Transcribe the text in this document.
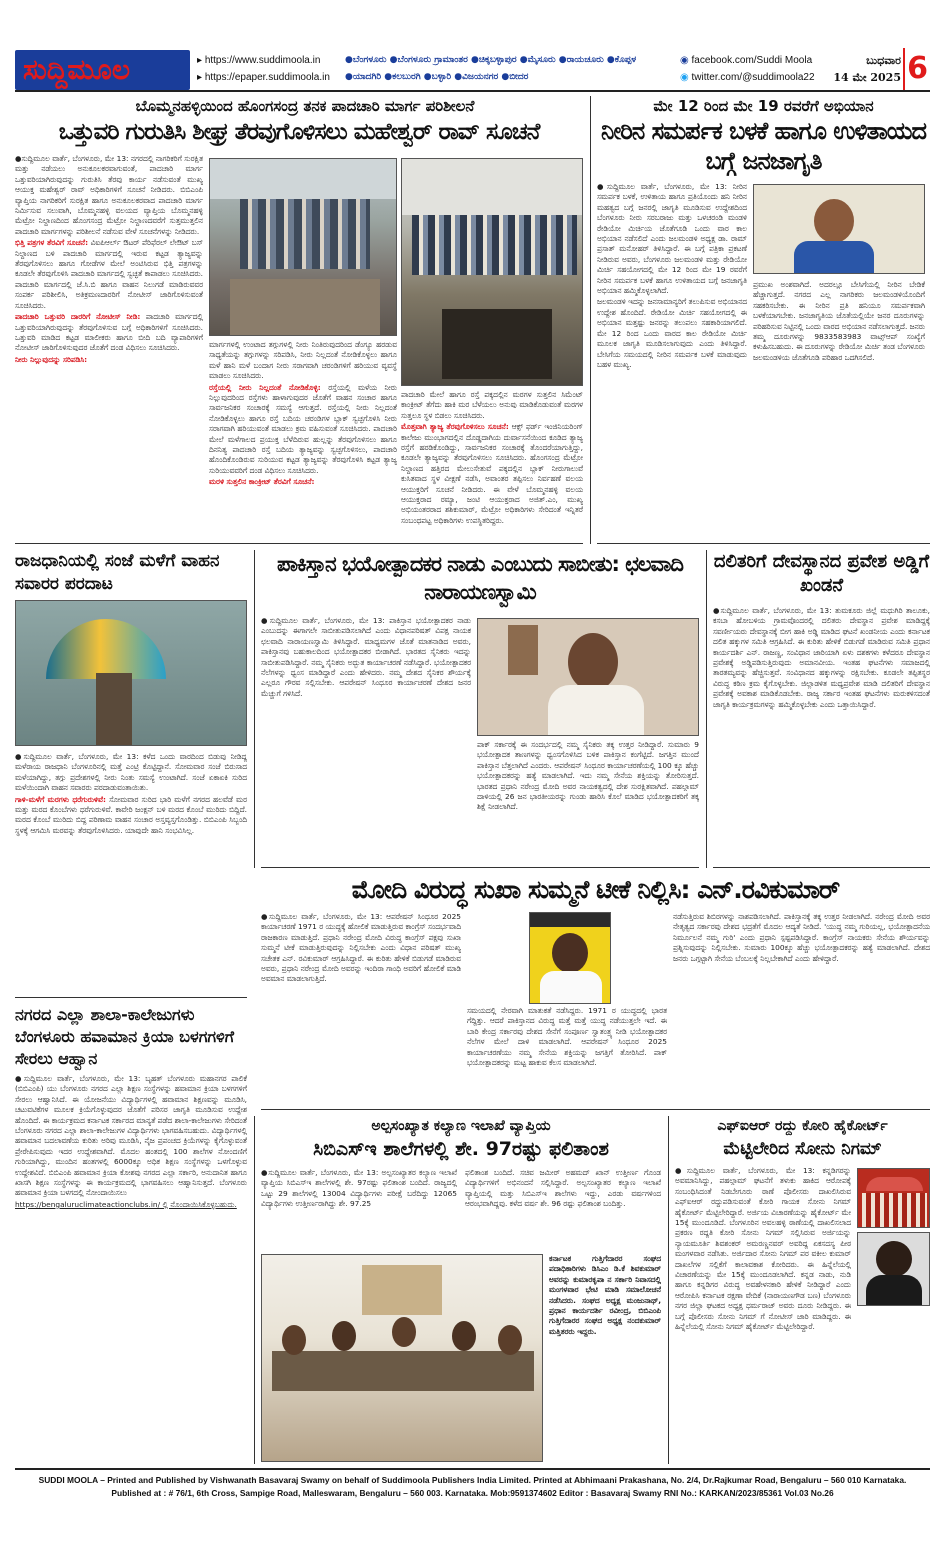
ಸುದ್ದಿಮೂಲ	▸ https://www.suddimoola.in
▸ https://epaper.suddimoola.in
●ಬೆಂಗಳೂರು ●ಬೆಂಗಳೂರು ಗ್ರಾಮಾಂತರ ●ಚಿಕ್ಕಬಳ್ಳಾಪುರ ●ಮೈಸೂರು ●ರಾಯಚೂರು ●ಕೊಪ್ಪಳ ●ಯಾದಗಿರಿ ●ಕಲಬುರಗಿ ●ಬಳ್ಳಾರಿ ●ವಿಜಯನಗರ ●ಬೀದರ
◉ facebook.com/Suddi Moola
◉ twitter.com/@suddimoola22
ಬುಧವಾರ
14 ಮೇ 2025 6
ಬೊಮ್ಮನಹಳ್ಳಿಯಿಂದ ಹೊಂಗಸಂದ್ರ ತನಕ ಪಾದಚಾರಿ ಮಾರ್ಗ ಪರಿಶೀಲನೆ
ಒತ್ತುವರಿ ಗುರುತಿಸಿ ಶೀಘ್ರ ತೆರವುಗೊಳಿಸಲು ಮಹೇಶ್ವರ್ ರಾವ್ ಸೂಚನೆ

●ಸುದ್ದಿಮೂಲ ವಾರ್ತೆ, ಬೆಂಗಳೂರು, ಮೇ 13: ನಗರದಲ್ಲಿ ನಾಗರಿಕರಿಗೆ ಸುರಕ್ಷಿತ ಮತ್ತು ನಡೆಯಲು ಅನುಕೂಲಕರವಾಗುವಂತೆ, ಪಾದಚಾರಿ ಮಾರ್ಗ ಒತ್ತುವರಿಯಾಗಿರುವುದನ್ನು ಗುರುತಿಸಿ ತೆರವು ಕಾರ್ಯ ನಡೆಸುವಂತೆ ಮುಖ್ಯ ಆಯುಕ್ತ ಮಹೇಶ್ವರ್ ರಾವ್ ಅಧಿಕಾರಿಗಳಿಗೆ ಸೂಚನೆ ನೀಡಿದರು. ಬಿಬಿಎಂಪಿ ವ್ಯಾಪ್ತಿಯ ನಾಗರಿಕರಿಗೆ ಸುರಕ್ಷಿತ ಹಾಗೂ ಅನುಕೂಲಕರವಾದ ಪಾದಚಾರಿ ಮಾರ್ಗ ನಿರ್ಮಿಸುವ ಸಲುವಾಗಿ, ಬೊಮ್ಮನಹಳ್ಳಿ ವಲಯದ ವ್ಯಾಪ್ತಿಯ ಬೊಮ್ಮನಹಳ್ಳಿ ಮೆಟ್ರೋ ನಿಲ್ದಾಣದಿಂದ ಹೊಂಗಸಂದ್ರ ಮೆಟ್ರೋ ನಿಲ್ದಾಣದವರೆಗೆ ಸುತ್ತಮುತ್ತಲಿನ ಪಾದಚಾರಿ ಮಾರ್ಗಗಳನ್ನು ಪರಿಶೀಲನೆ ನಡೆಸುವ ವೇಳೆ ಸೂಚನೆಗಳನ್ನು ನೀಡಿದರು.

ಭಿತ್ತಿ ಪತ್ರಗಳ ತೆರವಿಗೆ ಸೂಚನೆ: ವಿಐಪಿಆರ್ಲ್ ಔಟರ್ ಪೆರಿಫೆರಲ್ ಲೇಔಟ್ ಬಸ್ ನಿಲ್ದಾಣದ ಬಳಿ ಪಾದಚಾರಿ ಮಾರ್ಗದಲ್ಲಿ ಇರುವ ಕಟ್ಟಡ ತ್ಯಾಜ್ಯವನ್ನು ತೆರವುಗೊಳಿಸಲು ಹಾಗೂ ಗೋಡೆಗಳ ಮೇಲೆ ಅಂಟಿಸಿರುವ ಭಿತ್ತಿ ಪತ್ರಗಳನ್ನು ಕೂಡಲೇ ತೆರವುಗೊಳಿಸಿ ಪಾದಚಾರಿ ಮಾರ್ಗದಲ್ಲಿ ಸ್ವಚ್ಛತೆ ಕಾಪಾಡಲು ಸೂಚಿಸಿದರು. ಪಾದಚಾರಿ ಮಾರ್ಗದಲ್ಲಿ ಜೆ.ಸಿ.ಬಿ ಹಾಗೂ ವಾಹನ ನಿಲುಗಡೆ ಮಾಡಿರುವವರ ಸಂಪರ್ಕ ಪರಿಶೀಲಿಸಿ, ಅತಿಕ್ರಮಣದಾರರಿಗೆ ನೋಟೀಸ್ ಜಾರಿಗೊಳಿಸುವಂತೆ ಸೂಚಿಸಿದರು.

ಪಾದಚಾರಿ ಒತ್ತುವರಿ ದಾರರಿಗೆ ನೋಟೀಸ್ ನೀಡಿ: ಪಾದಚಾರಿ ಮಾರ್ಗದಲ್ಲಿ ಒತ್ತುವರಿಯಾಗಿರುವುದನ್ನು ತೆರವುಗೊಳಿಸುವ ಬಗ್ಗೆ ಅಧಿಕಾರಿಗಳಿಗೆ ಸೂಚಿಸಿದರು. ಒತ್ತುವರಿ ಮಾಡಿದ ಕಟ್ಟಡ ಮಾಲೀಕರು ಹಾಗೂ ಬೀದಿ ಬದಿ ವ್ಯಾಪಾರಿಗಳಿಗೆ ನೋಟೀಸ್ ಜಾರಿಗೊಳಿಸುವುದರ ಜೊತೆಗೆ ದಂಡ ವಿಧಿಸಲು ಸೂಚಿಸಿದರು.

ನೀರು ನಿಲ್ಲುವುದನ್ನು ಸರಿಪಡಿಸಿ:

ಮಾರ್ಗಗಳಲ್ಲಿ ಉಂಟಾದ ತಗ್ಗುಗಳಲ್ಲಿ ನೀರು ನಿಂತಿರುವುದರಿಂದ ಡೆಂಗ್ಯೂ ಹರಡುವ ಸಾಧ್ಯತೆಯನ್ನು ತಗ್ಗುಗಳನ್ನು ಸರಿಪಡಿಸಿ, ನೀರು ನಿಲ್ಲದಂತೆ ನೋಡಿಕೊಳ್ಳಲು ಹಾಗೂ ಮಳೆ ಹಾನಿ ಮಳೆ ಬಂದಾಗ ನೀರು ಸರಾಗವಾಗಿ ಚರಂಡಿಗಳಿಗೆ ಹರಿಯುವ ವ್ಯವಸ್ಥೆ ಮಾಡಲು ಸೂಚಿಸಿದರು.

ರಸ್ತೆಯಲ್ಲಿ ನೀರು ನಿಲ್ಲದಂತೆ ನೋಡಿಕೊಳ್ಳಿ: ರಸ್ತೆಯಲ್ಲಿ ಮಳೆಯ ನೀರು ನಿಲ್ಲುವುದರಿಂದ ರಸ್ತೆಗಳು ಹಾಳಾಗುವುದರ ಜೊತೆಗೆ ವಾಹನ ಸಂಚಾರ ಹಾಗೂ ಸಾರ್ವಜನಿಕರ ಸಂಚಾರಕ್ಕೆ ಸಮಸ್ಯೆ ಆಗುತ್ತದೆ. ರಸ್ತೆಯಲ್ಲಿ ನೀರು ನಿಲ್ಲದಂತೆ ನೋಡಿಕೊಳ್ಳಲು ಹಾಗೂ ರಸ್ತೆ ಬದಿಯ ಚರಂಡಿಗಳ ಬ್ಲಾಕ್ ಸ್ವಚ್ಛಗೊಳಿಸಿ ನೀರು ಸರಾಗವಾಗಿ ಹರಿಯುವಂತೆ ಮಾಡಲು ಕ್ರಮ ವಹಿಸುವಂತೆ ಸೂಚಿಸಿದರು. ಪಾದಚಾರಿ ಮೇಲೆ ಮಳೆಗಾಲದ ಪ್ರಯುಕ್ತ ಬೆಳೆದಿರುವ ಹುಲ್ಲನ್ನು ತೆರವುಗೊಳಿಸಲು ಹಾಗೂ ದಿನನಿತ್ಯ ಪಾದಚಾರಿ ರಸ್ತೆ ಬದಿಯ ತ್ಯಾಜ್ಯವನ್ನು ಸ್ವಚ್ಛಗೊಳಿಸಲು, ಪಾದಚಾರಿ ಹೊಂದಿಕೊಂಡಿರುವ ಸುರಿಯುವ ಕಟ್ಟಡ ತ್ಯಾಜ್ಯವನ್ನು ತೆರವುಗೊಳಿಸಿ ಕಟ್ಟಡ ತ್ಯಾಜ್ಯ ಸುರಿಯುವವರಿಗೆ ದಂಡ ವಿಧಿಸಲು ಸೂಚಿಸಿದರು.

ಮರಳಿ ಸುತ್ತಲಿನ ಕಾಂಕ್ರೀಟ್ ತೆರವಿಗೆ ಸೂಚನೆ:

ಪಾದಚಾರಿ ಮೇಲೆ ಹಾಗೂ ರಸ್ತೆ ಪಕ್ಕದಲ್ಲಿನ ಮರಗಳ ಸುತ್ತಲಿನ ಸಿಮೆಂಟ್ ಕಾಂಕ್ರೀಟ್ ತೆಗೆದು ಹಾಕಿ ಮರ ಬೆಳೆಯಲು ಅನುವು ಮಾಡಿಕೊಡುವಂತೆ ಮರಗಳ ಸುತ್ತಲೂ ಸ್ಥಳ ಬಿಡಲು ಸೂಚಿಸಿದರು.

ಮೊತ್ತವಾಗಿ ತ್ಯಾಜ್ಯ ತೆರವುಗೊಳಿಸಲು ಸೂಚನೆ: ಆಕ್ಸ್ ಫರ್ಡ್ ಇಂಜಿನಿಯರಿಂಗ್ ಕಾಲೇಜು ಮುಂಭಾಗದಲ್ಲಿನ ದೊಡ್ಡದಾಗಿಯ ದುರ್ವಾಸನೆಯಿಂದ ಕೂಡಿದ ತ್ಯಾಜ್ಯ ರಸ್ತೆಗೆ ಹರಡಿಕೊಂಡಿದ್ದು, ಸಾರ್ವಜನಿಕರ ಸಂಚಾರಕ್ಕೆ ತೊಂದರೆಯಾಗುತ್ತಿದ್ದು, ಕೂಡಲೇ ತ್ಯಾಜ್ಯವನ್ನು ತೆರವುಗೊಳಿಸಲು ಸೂಚಿಸಿದರು. ಹೊಂಗಸಂದ್ರ ಮೆಟ್ರೋ ನಿಲ್ದಾಣದ ಹತ್ತಿರದ ಮೇಲುಸೇತುವೆ ಪಕ್ಕದಲ್ಲಿನ ಬ್ಲಾಕ್ ನೀರುಗಾಲುವೆ ಕುಸಿತವಾದ ಸ್ಥಳ ವೀಕ್ಷಣೆ ನಡೆಸಿ, ಅವಾಂತರ ತಪ್ಪಿಸಲು ನಿರ್ವಹಣೆ ವಲಯ ಆಯುಕ್ತರಿಗೆ ಸೂಚನೆ ನೀಡಿದರು. ಈ ವೇಳೆ ಬೊಮ್ಮನಹಳ್ಳಿ ವಲಯ ಆಯುಕ್ತರಾದ ರಮ್ಯಾ, ಜಂಟಿ ಆಯುಕ್ತರಾದ ಅಜಿತ್.ಎಂ, ಮುಖ್ಯ ಅಭಿಯಂತರರಾದ ಶಶಿಕುಮಾರ್, ಮೆಟ್ರೋ ಅಧಿಕಾರಿಗಳು ಸೇರಿದಂತೆ ಇನ್ನಿತರೆ ಸಂಬಂಧಪಟ್ಟ ಅಧಿಕಾರಿಗಳು ಉಪಸ್ಥಿತರಿದ್ದರು.

ಮೇ 12 ರಿಂದ ಮೇ 19 ರವರೆಗೆ ಅಭಿಯಾನ
ನೀರಿನ ಸಮರ್ಪಕ ಬಳಕೆ ಹಾಗೂ ಉಳಿತಾಯದ ಬಗ್ಗೆ ಜನಜಾಗೃತಿ

●ಸುದ್ದಿಮೂಲ ವಾರ್ತೆ, ಬೆಂಗಳೂರು, ಮೇ 13: ನೀರಿನ ಸಮರ್ಪಕ ಬಳಕೆ, ಉಳಿತಾಯ ಹಾಗೂ ಪ್ರತಿಯೊಂದು ಹನಿ ನೀರಿನ ಮಹತ್ವದ ಬಗ್ಗೆ ಜನರಲ್ಲಿ ಜಾಗೃತಿ ಮೂಡಿಸುವ ಉದ್ದೇಶದಿಂದ ಬೆಂಗಳೂರು ನೀರು ಸರಬರಾಜು ಮತ್ತು ಒಳಚರಂಡಿ ಮಂಡಳಿ ರೇಡಿಯೋ ಮಿರ್ಚಿಯ ಜೊತೆಗೂಡಿ ಒಂದು ವಾರ ಕಾಲ ಅಭಿಯಾನ ನಡೆಸಲಿದೆ ಎಂದು ಜಲಮಂಡಳಿ ಅಧ್ಯಕ್ಷ ಡಾ. ರಾಮ್ ಪ್ರಸಾತ್ ಮನೋಹರ್ ತಿಳಿಸಿದ್ದಾರೆ. ಈ ಬಗ್ಗೆ ಪತ್ರಿಕಾ ಪ್ರಕಟಣೆ ನೀಡಿರುವ ಅವರು, ಬೆಂಗಳೂರು ಜಲಮಂಡಳಿ ಮತ್ತು ರೇಡಿಯೋ ಮಿರ್ಚಿ ಸಹಯೋಗದಲ್ಲಿ ಮೇ 12 ರಿಂದ ಮೇ 19 ರವರೆಗೆ ನೀರಿನ ಸಮರ್ಪಕ ಬಳಕೆ ಹಾಗೂ ಉಳಿತಾಯದ ಬಗ್ಗೆ ಜನಜಾಗೃತಿ ಅಭಿಯಾನ ಹಮ್ಮಿಕೊಳ್ಳಲಾಗಿದೆ.

ಜಲಮಂಡಳಿ ಇದನ್ನು ಜನಸಾಮಾನ್ಯರಿಗೆ ತಲುಪಿಸುವ ಅಭಿಯಾನದ ಉದ್ದೇಶ ಹೊಂದಿದೆ. ರೇಡಿಯೋ ಮಿರ್ಚಿ ಸಹಯೋಗದಲ್ಲಿ ಈ ಅಭಿಯಾನ ಮತ್ತಷ್ಟು ಜನರನ್ನು ತಲುಪಲು ಸಹಕಾರಿಯಾಗಲಿದೆ. ಮೇ 12 ರಿಂದ ಒಂದು ವಾರದ ಕಾಲ ರೇಡಿಯೋ ಮಿರ್ಚಿ ಮೂಲಕ ಜಾಗೃತಿ ಮೂಡಿಸಲಾಗುವುದು ಎಂದು ತಿಳಿಸಿದ್ದಾರೆ. ಬೇಸಿಗೆಯ ಸಮಯದಲ್ಲಿ ನೀರಿನ ಸಮರ್ಪಕ ಬಳಕೆ ಮಾಡುವುದು ಬಹಳ ಮುಖ್ಯ.

ಪ್ರಮುಖ ಅಂಶವಾಗಿದೆ. ಅದರಲ್ಲೂ ಬೇಸಿಗೆಯಲ್ಲಿ ನೀರಿನ ಬೇಡಿಕೆ ಹೆಚ್ಚಾಗುತ್ತದೆ. ನಗರದ ಎಲ್ಲ ನಾಗರಿಕರು ಜಲಮಂಡಳಿಯೊಂದಿಗೆ ಸಹಕರಿಸಬೇಕು. ಈ ನೀರಿನ ಪ್ರತಿ ಹನಿಯೂ ಸಮರ್ಪಕವಾಗಿ ಬಳಕೆಯಾಗಬೇಕು. ಜನಜಾಗೃತಿಯ ಜೊತೆಯಲ್ಲಿಯೇ ಜನರ ದೂರುಗಳನ್ನು ಪರಿಹರಿಸುವ ನಿಟ್ಟಿನಲ್ಲಿ ಒಂದು ವಾರದ ಅಭಿಯಾನ ನಡೆಸಲಾಗುತ್ತದೆ. ಜನರು ತಮ್ಮ ದೂರುಗಳನ್ನು 9833583983 ವಾಟ್ಸ್ಆಪ್ ಸಂಖ್ಯೆಗೆ ಕಳುಹಿಸಬಹುದು. ಈ ದೂರುಗಳನ್ನು ರೇಡಿಯೋ ಮಿರ್ಚಿ ತಂಡ ಬೆಂಗಳೂರು ಜಲಮಂಡಳಿಯ ಜೊತೆಗೂಡಿ ಪರಿಹಾರ ಒದಗಿಸಲಿದೆ.

ರಾಜಧಾನಿಯಲ್ಲಿ ಸಂಜೆ ಮಳೆಗೆ ವಾಹನ ಸವಾರರ ಪರದಾಟ

●ಸುದ್ದಿಮೂಲ ವಾರ್ತೆ, ಬೆಂಗಳೂರು, ಮೇ 13: ಕಳೆದ ಒಂದು ವಾರದಿಂದ ಬಿಡುವು ನೀಡಿದ್ದ ಮಳೆರಾಯ ರಾಜಧಾನಿ ಬೆಂಗಳೂರಿನಲ್ಲಿ ಮತ್ತೆ ಎಂಟ್ರಿ ಕೊಟ್ಟಿದ್ದಾನೆ. ಸೋಮವಾರ ಸಂಜೆ ಬಿರುಸಾದ ಮಳೆಯಾಗಿದ್ದು, ತಗ್ಗು ಪ್ರದೇಶಗಳಲ್ಲಿ ನೀರು ನಿಂತು ಸಮಸ್ಯೆ ಉಂಟಾಗಿದೆ. ಸಂಜೆ ಏಕಾಏಕಿ ಸುರಿದ ಮಳೆಯಿಂದಾಗಿ ವಾಹನ ಸವಾರರು ಪರದಾಡುವಂತಾಯಿತು.

ಗಾಳಿ-ಮಳೆಗೆ ಮರಗಳು ಧರೆಗುರುಳಿವೆ: ಸೋಮವಾರ ಸುರಿದ ಭಾರಿ ಮಳೆಗೆ ನಗರದ ಹಲವೆಡೆ ಮರ ಮತ್ತು ಮರದ ಕೊಂಬೆಗಳು ಧರೆಗುರುಳಿವೆ. ಕಾವೇರಿ ಜಂಕ್ಷನ್ ಬಳಿ ಮರದ ಕೊಂಬೆ ಮುರಿದು ಬಿದ್ದಿದೆ. ಮರದ ಕೊಂಬೆ ಮುರಿದು ಬಿದ್ದ ಪರಿಣಾಮ ವಾಹನ ಸಂಚಾರ ಅಸ್ತವ್ಯಸ್ತಗೊಂಡಿತ್ತು. ಬಿಬಿಎಂಪಿ ಸಿಬ್ಬಂದಿ ಸ್ಥಳಕ್ಕೆ ಆಗಮಿಸಿ ಮರವನ್ನು ತೆರವುಗೊಳಿಸಿದರು. ಯಾವುದೇ ಹಾನಿ ಸಂಭವಿಸಿಲ್ಲ.

ಪಾಕಿಸ್ತಾನ ಭಯೋತ್ಪಾದಕರ ನಾಡು ಎಂಬುದು ಸಾಬೀತು: ಛಲವಾದಿ ನಾರಾಯಣಸ್ವಾಮಿ

●ಸುದ್ದಿಮೂಲ ವಾರ್ತೆ, ಬೆಂಗಳೂರು, ಮೇ 13: ಪಾಕಿಸ್ತಾನ ಭಯೋತ್ಪಾದಕರ ನಾಡು ಎಂಬುದನ್ನು ಈಗಾಗಲೇ ಸಾಬೀತುಪಡಿಸಲಾಗಿದೆ ಎಂದು ವಿಧಾನಪರಿಷತ್ ವಿಪಕ್ಷ ನಾಯಕ ಛಲವಾದಿ ನಾರಾಯಣಸ್ವಾಮಿ ತಿಳಿಸಿದ್ದಾರೆ. ಮಾಧ್ಯಮಗಳ ಜೊತೆ ಮಾತನಾಡಿದ ಅವರು, ಪಾಕಿಸ್ತಾನವು ಬಹುಕಾಲದಿಂದ ಭಯೋತ್ಪಾದಕರ ಬೀಡಾಗಿದೆ. ಭಾರತದ ಸೈನಿಕರು ಇದನ್ನು ಸಾಬೀತುಪಡಿಸಿದ್ದಾರೆ. ನಮ್ಮ ಸೈನಿಕರು ಅದ್ಭುತ ಕಾರ್ಯಾಚರಣೆ ನಡೆಸಿದ್ದಾರೆ. ಭಯೋತ್ಪಾದಕರ ನೆಲೆಗಳನ್ನು ಧ್ವಂಸ ಮಾಡಿದ್ದಾರೆ ಎಂದು ಹೇಳಿದರು. ನಮ್ಮ ದೇಶದ ಸೈನಿಕರ ಶೌರ್ಯಕ್ಕೆ ಎಲ್ಲರೂ ಗೌರವ ಸಲ್ಲಿಸಬೇಕು. ಆಪರೇಷನ್ ಸಿಂಧೂರ ಕಾರ್ಯಾಚರಣೆ ದೇಶದ ಜನರ ಮೆಚ್ಚುಗೆ ಗಳಿಸಿದೆ.

ಪಾಕ್ ಸರ್ಕಾರಕ್ಕೆ ಈ ಸಂದರ್ಭದಲ್ಲಿ ನಮ್ಮ ಸೈನಿಕರು ತಕ್ಕ ಉತ್ತರ ನೀಡಿದ್ದಾರೆ. ಸುಮಾರು 9 ಭಯೋತ್ಪಾದಕ ತಾಣಗಳನ್ನು ಧ್ವಂಸಗೊಳಿಸಿದ ಬಳಿಕ ಪಾಕಿಸ್ತಾನ ಕಂಗೆಟ್ಟಿದೆ. ಜಗತ್ತಿನ ಮುಂದೆ ಪಾಕಿಸ್ತಾನ ಬೆತ್ತಲಾಗಿದೆ ಎಂದರು. ಆಪರೇಷನ್ ಸಿಂಧೂರ ಕಾರ್ಯಾಚರಣೆಯಲ್ಲಿ 100 ಕ್ಕೂ ಹೆಚ್ಚು ಭಯೋತ್ಪಾದಕರನ್ನು ಹತ್ಯೆ ಮಾಡಲಾಗಿದೆ. ಇದು ನಮ್ಮ ಸೇನೆಯ ಶಕ್ತಿಯನ್ನು ತೋರಿಸುತ್ತದೆ. ಭಾರತದ ಪ್ರಧಾನಿ ನರೇಂದ್ರ ಮೋದಿ ಅವರ ನಾಯಕತ್ವದಲ್ಲಿ ದೇಶ ಸುರಕ್ಷಿತವಾಗಿದೆ. ಪಹಲ್ಗಾಮ್ ದಾಳಿಯಲ್ಲಿ 26 ಜನ ಭಾರತೀಯರನ್ನು ಗುಂಡು ಹಾರಿಸಿ ಕೊಲೆ ಮಾಡಿದ ಭಯೋತ್ಪಾದಕರಿಗೆ ತಕ್ಕ ಶಿಕ್ಷೆ ನೀಡಲಾಗಿದೆ.

ದಲಿತರಿಗೆ ದೇವಸ್ಥಾನದ ಪ್ರವೇಶ ಅಡ್ಡಿಗೆ ಖಂಡನೆ

●ಸುದ್ದಿಮೂಲ ವಾರ್ತೆ, ಬೆಂಗಳೂರು, ಮೇ 13: ತುಮಕೂರು ಜಿಲ್ಲೆ ಮಧುಗಿರಿ ತಾಲೂಕು, ಕಸಬಾ ಹೋಬಳಿಯ ಗ್ರಾಮವೊಂದರಲ್ಲಿ ದಲಿತರು ದೇವಸ್ಥಾನ ಪ್ರವೇಶ ಮಾಡಿದ್ದಕ್ಕೆ ಸವರ್ಣೀಯರು ದೇವಸ್ಥಾನಕ್ಕೆ ಬೀಗ ಹಾಕಿ ಅಡ್ಡಿ ಮಾಡಿದ ಘಟನೆ ಖಂಡನೀಯ ಎಂದು ಕರ್ನಾಟಕ ದಲಿತ ಹಕ್ಕುಗಳ ಸಮಿತಿ ಆಗ್ರಹಿಸಿದೆ. ಈ ಕುರಿತು ಹೇಳಿಕೆ ಬಿಡುಗಡೆ ಮಾಡಿರುವ ಸಮಿತಿ ಪ್ರಧಾನ ಕಾರ್ಯದರ್ಶಿ ಎನ್. ರಾಜಣ್ಣ, ಸಂವಿಧಾನ ಜಾರಿಯಾಗಿ ಏಳು ದಶಕಗಳು ಕಳೆದರೂ ದೇವಸ್ಥಾನ ಪ್ರವೇಶಕ್ಕೆ ಅಡ್ಡಿಪಡಿಸುತ್ತಿರುವುದು ಅಮಾನವೀಯ. ಇಂತಹ ಘಟನೆಗಳು ಸಮಾಜದಲ್ಲಿ ತಾರತಮ್ಯವನ್ನು ಹೆಚ್ಚಿಸುತ್ತವೆ. ಸಂವಿಧಾನದ ಹಕ್ಕುಗಳನ್ನು ರಕ್ಷಿಸಬೇಕು. ಕೂಡಲೇ ತಪ್ಪಿತಸ್ಥರ ವಿರುದ್ಧ ಕಠಿಣ ಕ್ರಮ ಕೈಗೊಳ್ಳಬೇಕು. ಜಿಲ್ಲಾಡಳಿತ ಮಧ್ಯಪ್ರವೇಶ ಮಾಡಿ ದಲಿತರಿಗೆ ದೇವಸ್ಥಾನ ಪ್ರವೇಶಕ್ಕೆ ಅವಕಾಶ ಮಾಡಿಕೊಡಬೇಕು. ರಾಜ್ಯ ಸರ್ಕಾರ ಇಂತಹ ಘಟನೆಗಳು ಮರುಕಳಿಸದಂತೆ ಜಾಗೃತಿ ಕಾರ್ಯಕ್ರಮಗಳನ್ನು ಹಮ್ಮಿಕೊಳ್ಳಬೇಕು ಎಂದು ಒತ್ತಾಯಿಸಿದ್ದಾರೆ.

ಮೋದಿ ವಿರುದ್ಧ ಸುಖಾ ಸುಮ್ಮನೆ ಟೀಕೆ ನಿಲ್ಲಿಸಿ: ಎನ್.ರವಿಕುಮಾರ್

●ಸುದ್ದಿಮೂಲ ವಾರ್ತೆ, ಬೆಂಗಳೂರು, ಮೇ 13: ಆಪರೇಷನ್ ಸಿಂಧೂರ 2025 ಕಾರ್ಯಾಚರಣೆ 1971 ರ ಯುದ್ಧಕ್ಕೆ ಹೋಲಿಕೆ ಮಾಡುತ್ತಿರುವ ಕಾಂಗ್ರೆಸ್ ಸಂದರ್ಭವಾದಿ ರಾಜಕಾರಣ ಮಾಡುತ್ತಿದೆ. ಪ್ರಧಾನಿ ನರೇಂದ್ರ ಮೋದಿ ವಿರುದ್ಧ ಕಾಂಗ್ರೆಸ್ ಪಕ್ಷವು ಸುಖಾ ಸುಮ್ಮನೆ ಟೀಕೆ ಮಾಡುತ್ತಿರುವುದನ್ನು ನಿಲ್ಲಿಸಬೇಕು ಎಂದು ವಿಧಾನ ಪರಿಷತ್ ಮುಖ್ಯ ಸಚೇತಕ ಎನ್. ರವಿಕುಮಾರ್ ಆಗ್ರಹಿಸಿದ್ದಾರೆ. ಈ ಕುರಿತು ಹೇಳಿಕೆ ಬಿಡುಗಡೆ ಮಾಡಿರುವ ಅವರು, ಪ್ರಧಾನಿ ನರೇಂದ್ರ ಮೋದಿ ಅವರನ್ನು ಇಂದಿರಾ ಗಾಂಧಿ ಅವರಿಗೆ ಹೋಲಿಕೆ ಮಾಡಿ ಅವಮಾನ ಮಾಡಲಾಗುತ್ತಿದೆ.

ಸಮಯದಲ್ಲಿ ನೇರವಾಗಿ ಮಾತುಕತೆ ನಡೆಸಿದ್ದರು. 1971 ರ ಯುದ್ಧದಲ್ಲಿ ಭಾರತ ಗೆದ್ದಿತ್ತು. ಆದರೆ ಪಾಕಿಸ್ತಾನದ ವಿರುದ್ಧ ಮತ್ತೆ ಮತ್ತೆ ಯುದ್ಧ ನಡೆಯುತ್ತಲೇ ಇದೆ. ಈ ಬಾರಿ ಕೇಂದ್ರ ಸರ್ಕಾರವು ದೇಶದ ಸೇನೆಗೆ ಸಂಪೂರ್ಣ ಸ್ವಾತಂತ್ರ್ಯ ನೀಡಿ ಭಯೋತ್ಪಾದಕರ ನೆಲೆಗಳ ಮೇಲೆ ದಾಳಿ ಮಾಡಲಾಗಿದೆ. ಆಪರೇಷನ್ ಸಿಂಧೂರ 2025 ಕಾರ್ಯಾಚರಣೆಯು ನಮ್ಮ ಸೇನೆಯ ಶಕ್ತಿಯನ್ನು ಜಗತ್ತಿಗೆ ತೋರಿಸಿದೆ. ಪಾಕ್ ಭಯೋತ್ಪಾದಕರನ್ನು ಮಟ್ಟ ಹಾಕುವ ಕೆಲಸ ಮಾಡಲಾಗಿದೆ.

ನಡೆಸುತ್ತಿರುವ ಶಿಬಿರಗಳನ್ನು ನಾಶಪಡಿಸಲಾಗಿದೆ. ಪಾಕಿಸ್ತಾನಕ್ಕೆ ತಕ್ಕ ಉತ್ತರ ನೀಡಲಾಗಿದೆ. ನರೇಂದ್ರ ಮೋದಿ ಅವರ ನೇತೃತ್ವದ ಸರ್ಕಾರವು ದೇಶದ ಭದ್ರತೆಗೆ ಮೊದಲ ಆದ್ಯತೆ ನೀಡಿದೆ. 'ಯುದ್ಧ ನಮ್ಮ ಗುರಿಯಲ್ಲ, ಭಯೋತ್ಪಾದನೆಯ ನಿರ್ಮೂಲನೆ ನಮ್ಮ ಗುರಿ' ಎಂದು ಪ್ರಧಾನಿ ಸ್ಪಷ್ಟಪಡಿಸಿದ್ದಾರೆ. ಕಾಂಗ್ರೆಸ್ ನಾಯಕರು ಸೇನೆಯ ಶೌರ್ಯವನ್ನು ಪ್ರಶ್ನಿಸುವುದನ್ನು ನಿಲ್ಲಿಸಬೇಕು. ಸುಮಾರು 100ಕ್ಕೂ ಹೆಚ್ಚು ಭಯೋತ್ಪಾದಕರನ್ನು ಹತ್ಯೆ ಮಾಡಲಾಗಿದೆ. ದೇಶದ ಜನರು ಒಗ್ಗಟ್ಟಾಗಿ ಸೇನೆಯ ಬೆಂಬಲಕ್ಕೆ ನಿಲ್ಲಬೇಕಾಗಿದೆ ಎಂದು ಹೇಳಿದ್ದಾರೆ.

ನಗರದ ಎಲ್ಲಾ ಶಾಲಾ-ಕಾಲೇಜುಗಳು ಬೆಂಗಳೂರು ಹವಾಮಾನ ಕ್ರಿಯಾ ಬಳಗಗಳಿಗೆ ಸೇರಲು ಆಹ್ವಾನ

●ಸುದ್ದಿಮೂಲ ವಾರ್ತೆ, ಬೆಂಗಳೂರು, ಮೇ 13: ಬೃಹತ್ ಬೆಂಗಳೂರು ಮಹಾನಗರ ಪಾಲಿಕೆ (ಬಿಬಿಎಂಪಿ) ಯು ಬೆಂಗಳೂರು ನಗರದ ಎಲ್ಲಾ ಶಿಕ್ಷಣ ಸಂಸ್ಥೆಗಳನ್ನು ಹವಾಮಾನ ಕ್ರಿಯಾ ಬಳಗಗಳಿಗೆ ಸೇರಲು ಆಹ್ವಾನಿಸಿದೆ. ಈ ಯೋಜನೆಯು ವಿದ್ಯಾರ್ಥಿಗಳಲ್ಲಿ ಹವಾಮಾನ ಶಿಕ್ಷಣವನ್ನು ಮೂಡಿಸಿ, ಚಟುವಟಿಕೆಗಳ ಮೂಲಕ ಕ್ರಿಯೆಗೊಳ್ಳುವುದರ ಜೊತೆಗೆ ಪರಿಸರ ಜಾಗೃತಿ ಮೂಡಿಸುವ ಉದ್ದೇಶ ಹೊಂದಿದೆ. ಈ ಕಾರ್ಯಕ್ರಮದ ಕರ್ನಾಟಕ ಸರ್ಕಾರದ ಮಾನ್ಯತೆ ಪಡೆದ ಶಾಲಾ-ಕಾಲೇಜುಗಳು ಸೇರಿದಂತೆ ಬೆಂಗಳೂರು ನಗರದ ಎಲ್ಲಾ ಶಾಲಾ-ಕಾಲೇಜುಗಳ ವಿದ್ಯಾರ್ಥಿಗಳು ಭಾಗವಹಿಸಬಹುದು. ವಿದ್ಯಾರ್ಥಿಗಳಲ್ಲಿ ಹವಾಮಾನ ಬದಲಾವಣೆಯ ಕುರಿತು ಅರಿವು ಮೂಡಿಸಿ, ನೈಜ ಪ್ರಪಂಚದ ಕ್ರಿಯೆಗಳನ್ನು ಕೈಗೊಳ್ಳುವಂತೆ ಪ್ರೇರೇಪಿಸುವುದು ಇದರ ಉದ್ದೇಶವಾಗಿದೆ. ಮೊದಲ ಹಂತದಲ್ಲಿ 100 ಶಾಲೆಗಳ ನೋಂದಣಿಗೆ ಗುರಿಯಾಗಿದ್ದು, ಮುಂದಿನ ಹಂತಗಳಲ್ಲಿ 6000ಕ್ಕೂ ಅಧಿಕ ಶಿಕ್ಷಣ ಸಂಸ್ಥೆಗಳನ್ನು ಒಳಗೊಳ್ಳುವ ಉದ್ದೇಶವಿದೆ. ಬಿಬಿಎಂಪಿ ಹವಾಮಾನ ಕ್ರಿಯಾ ಕೋಶವು ನಗರದ ಎಲ್ಲಾ ಸರ್ಕಾರಿ, ಅನುದಾನಿತ ಹಾಗೂ ಖಾಸಗಿ ಶಿಕ್ಷಣ ಸಂಸ್ಥೆಗಳನ್ನು ಈ ಕಾರ್ಯಕ್ರಮದಲ್ಲಿ ಭಾಗವಹಿಸಲು ಆಹ್ವಾನಿಸುತ್ತದೆ. ಬೆಂಗಳೂರು ಹವಾಮಾನ ಕ್ರಿಯಾ ಬಳಗದಲ್ಲಿ ನೋಂದಾಯಿಸಲು

https://bengaluruclimateactionclubs.in/ ಲ್ಲಿ ನೊಂದಾಯಿಸಿಕೊಳ್ಳಬಹುದು.

ಅಲ್ಪಸಂಖ್ಯಾತ ಕಲ್ಯಾಣ ಇಲಾಖೆ ವ್ಯಾಪ್ತಿಯ
ಸಿಬಿಎಸ್ಇ ಶಾಲೆಗಳಲ್ಲಿ ಶೇ. 97ರಷ್ಟು ಫಲಿತಾಂಶ

●ಸುದ್ದಿಮೂಲ ವಾರ್ತೆ, ಬೆಂಗಳೂರು, ಮೇ 13: ಅಲ್ಪಸಂಖ್ಯಾತರ ಕಲ್ಯಾಣ ಇಲಾಖೆ ವ್ಯಾಪ್ತಿಯ ಸಿಬಿಎಸ್ಇ ಶಾಲೆಗಳಲ್ಲಿ ಶೇ. 97ರಷ್ಟು ಫಲಿತಾಂಶ ಬಂದಿದೆ. ರಾಜ್ಯದಲ್ಲಿ ಒಟ್ಟು 29 ಶಾಲೆಗಳಲ್ಲಿ 13004 ವಿದ್ಯಾರ್ಥಿಗಳು ಪರೀಕ್ಷೆ ಬರೆದಿದ್ದು 12065 ವಿದ್ಯಾರ್ಥಿಗಳು ಉತ್ತೀರ್ಣರಾಗಿದ್ದು ಶೇ. 97.25

ಫಲಿತಾಂಶ ಬಂದಿದೆ. ಸಚಿವ ಜಮೀರ್ ಅಹಮದ್ ಖಾನ್ ಉತ್ತೀರ್ಣ ಗೊಂಡ ವಿದ್ಯಾರ್ಥಿಗಳಿಗೆ ಅಭಿನಂದನೆ ಸಲ್ಲಿಸಿದ್ದಾರೆ. ಅಲ್ಪಸಂಖ್ಯಾತರ ಕಲ್ಯಾಣ ಇಲಾಖೆ ವ್ಯಾಪ್ತಿಯಲ್ಲಿ ಮತ್ತು ಸಿಬಿಎಸ್ಇ ಶಾಲೆಗಳು ಇದ್ದು, ಎರಡು ವರ್ಷಗಳಿಂದ ಆರಂಭವಾಗಿದ್ದವು. ಕಳೆದ ವರ್ಷ ಶೇ. 96 ರಷ್ಟು ಫಲಿತಾಂಶ ಬಂದಿತ್ತು.

ಕರ್ನಾಟಕ ಗುತ್ತಿಗೆದಾರರ ಸಂಘದ ಪದಾಧಿಕಾರಿಗಳು ಡಿಸಿಎಂ ಡಿ.ಕೆ ಶಿವಕುಮಾರ್ ಅವರನ್ನು ಕುಮಾರಕೃಪಾ ನ ಸರ್ಕಾರಿ ನಿವಾಸದಲ್ಲಿ ಮಂಗಳವಾರ ಭೇಟಿ ಮಾಡಿ ಸಮಾಲೋಚನೆ ನಡೆಸಿದರು. ಸಂಘದ ಅಧ್ಯಕ್ಷ ಮಂಜುನಾಥ್, ಪ್ರಧಾನ ಕಾರ್ಯದರ್ಶಿ ರವೀಂದ್ರ, ಬಿಬಿಎಂಪಿ ಗುತ್ತಿಗೆದಾರರ ಸಂಘದ ಅಧ್ಯಕ್ಷ ನಂದಕುಮಾರ್ ಮತ್ತಿತರರು ಇದ್ದರು.
ಎಫ್ಐಆರ್ ರದ್ದು ಕೋರಿ ಹೈಕೋರ್ಟ್
ಮೆಟ್ಟಿಲೇರಿದ ಸೋನು ನಿಗಮ್

●ಸುದ್ದಿಮೂಲ ವಾರ್ತೆ, ಬೆಂಗಳೂರು, ಮೇ 13: ಕನ್ನಡಿಗರನ್ನು ಅವಮಾನಿಸಿದ್ದು, ಪಹಲ್ಗಾಮ್ ಘಟನೆಗೆ ತಳುಕು ಹಾಕಿದ ಆರೋಪಕ್ಕೆ ಸಂಬಂಧಿಸಿದಂತೆ ನಿಡಬೇಗೂರು ಠಾಣೆ ಪೊಲೀಸರು ದಾಖಲಿಸಿರುವ ಎಫ್ಐಆರ್ ರದ್ದುಪಡಿಸುವಂತೆ ಕೋರಿ ಗಾಯಕ ಸೋನು ನಿಗಮ್ ಹೈಕೋರ್ಟ್ ಮೆಟ್ಟಿಲೇರಿದ್ದಾರೆ. ಅರ್ಜಿಯ ವಿಚಾರಣೆಯನ್ನು ಹೈಕೋರ್ಟ್ ಮೇ 15ಕ್ಕೆ ಮುಂದೂಡಿದೆ. ಬೆಂಗಳೂರಿನ ಅವಲಹಳ್ಳಿ ಠಾಣೆಯಲ್ಲಿ ದಾಖಲಿಸಲಾದ ಪ್ರಕರಣ ರದ್ದತಿ ಕೋರಿ ಸೋನು ನಿಗಮ್ ಸಲ್ಲಿಸಿರುವ ಅರ್ಜಿಯನ್ನು ನ್ಯಾಯಮೂರ್ತಿ ಶಿವಶಂಕರ್ ಅಮರಣ್ಣನವರ್ ಅವರಿದ್ದ ಏಕಸದಸ್ಯ ಪೀಠ ಮಂಗಳವಾರ ನಡೆಸಿತು. ಅರ್ಜಿದಾರ ಸೋನು ನಿಗಮ್ ಪರ ವಕೀಲ ಕುಮಾರ್ ದಾಖಲೆಗಳ ಸಲ್ಲಿಕೆಗೆ ಕಾಲಾವಕಾಶ ಕೋರಿದರು. ಈ ಹಿನ್ನೆಲೆಯಲ್ಲಿ ವಿಚಾರಣೆಯನ್ನು ಮೇ 15ಕ್ಕೆ ಮುಂದೂಡಲಾಗಿದೆ. ಕನ್ನಡ ನಾಡು, ನುಡಿ ಹಾಗೂ ಕನ್ನಡಿಗರ ವಿರುದ್ಧ ಅವಹೇಳನಕಾರಿ ಹೇಳಿಕೆ ನೀಡಿದ್ದಾರೆ ಎಂದು ಆರೋಪಿಸಿ ಕರ್ನಾಟಕ ರಕ್ಷಣಾ ವೇದಿಕೆ (ನಾರಾಯಣಗೌಡ ಬಣ) ಬೆಂಗಳೂರು ನಗರ ಜಿಲ್ಲಾ ಘಟಕದ ಅಧ್ಯಕ್ಷ ಧರ್ಮರಾಜ್ ಅವರು ದೂರು ನೀಡಿದ್ದರು. ಈ ಬಗ್ಗೆ ಪೊಲೀಸರು ಸೋನು ನಿಗಮ್ ಗೆ ನೋಟೀಸ್ ಜಾರಿ ಮಾಡಿದ್ದರು. ಈ ಹಿನ್ನೆಲೆಯಲ್ಲಿ ಸೋನು ನಿಗಮ್ ಹೈಕೋರ್ಟ್ ಮೆಟ್ಟಿಲೇರಿದ್ದಾರೆ.

SUDDI MOOLA – Printed and Published by Vishwanath Basavaraj Swamy on behalf of Suddimoola Publishers India Limited. Printed at Abhimaani Prakashana, No. 2/4, Dr.Rajkumar Road, Bengaluru – 560 010 Karnataka.
Published at : # 76/1, 6th Cross, Sampige Road, Malleswaram, Bengaluru – 560 003. Karnataka. Mob:9591374602 Editor : Basavaraj Swamy RNI No.: KARKAN/2023/85361 Vol.03 No.26
